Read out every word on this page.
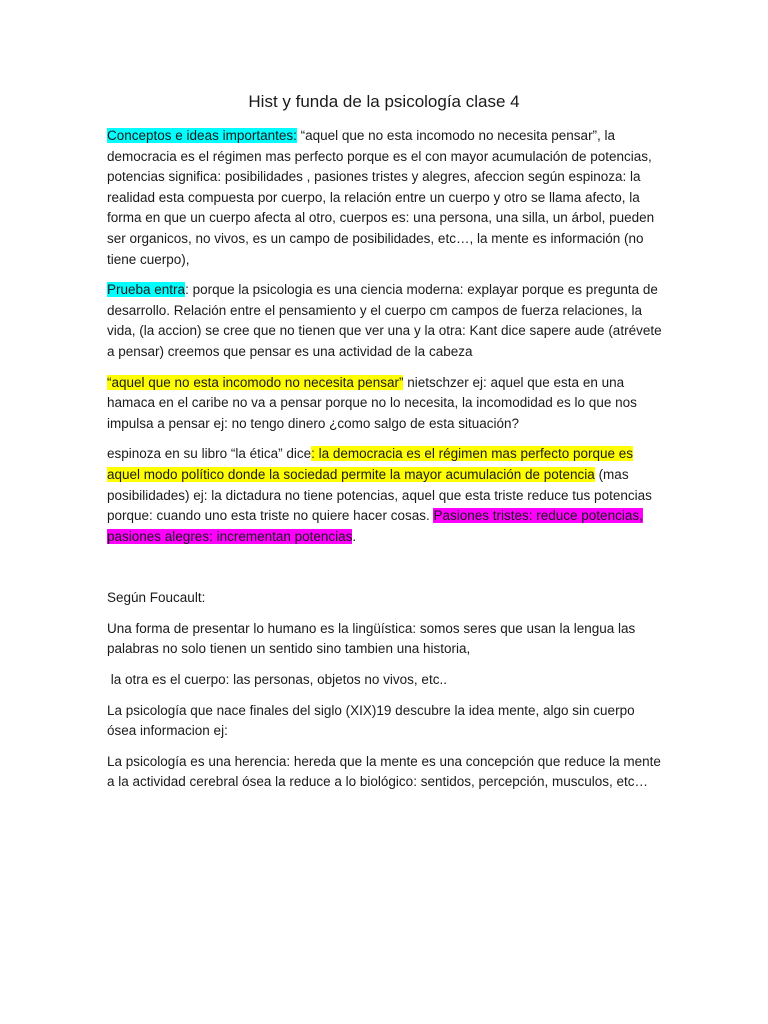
Hist y funda de la psicología clase 4

Conceptos e ideas importantes: “aquel que no esta incomodo no necesita pensar”, la democracia es el régimen mas perfecto porque es el con mayor acumulación de potencias, potencias significa: posibilidades , pasiones tristes y alegres, afeccion según espinoza: la realidad esta compuesta por cuerpo, la relación entre un cuerpo y otro se llama afecto, la forma en que un cuerpo afecta al otro, cuerpos es: una persona, una silla, un árbol, pueden ser organicos, no vivos, es un campo de posibilidades, etc…, la mente es información (no tiene cuerpo),

Prueba entra: porque la psicologia es una ciencia moderna: explayar porque es pregunta de desarrollo. Relación entre el pensamiento y el cuerpo cm campos de fuerza relaciones, la vida, (la accion) se cree que no tienen que ver una y la otra: Kant dice sapere aude (atrévete a pensar) creemos que pensar es una actividad de la cabeza

“aquel que no esta incomodo no necesita pensar” nietschzer ej: aquel que esta en una hamaca en el caribe no va a pensar porque no lo necesita, la incomodidad es lo que nos impulsa a pensar ej: no tengo dinero ¿como salgo de esta situación?

espinoza en su libro “la ética” dice: la democracia es el régimen mas perfecto porque es aquel modo político donde la sociedad permite la mayor acumulación de potencia (mas posibilidades) ej: la dictadura no tiene potencias, aquel que esta triste reduce tus potencias porque: cuando uno esta triste no quiere hacer cosas. Pasiones tristes: reduce potencias, pasiones alegres: incrementan potencias.

Según Foucault:

Una forma de presentar lo humano es la lingüística: somos seres que usan la lengua las palabras no solo tienen un sentido sino tambien una historia,

la otra es el cuerpo: las personas, objetos no vivos, etc..

La psicología que nace finales del siglo (XIX)19 descubre la idea mente, algo sin cuerpo ósea informacion ej:

La psicología es una herencia: hereda que la mente es una concepción que reduce la mente a la actividad cerebral ósea la reduce a lo biológico: sentidos, percepción, musculos, etc…
